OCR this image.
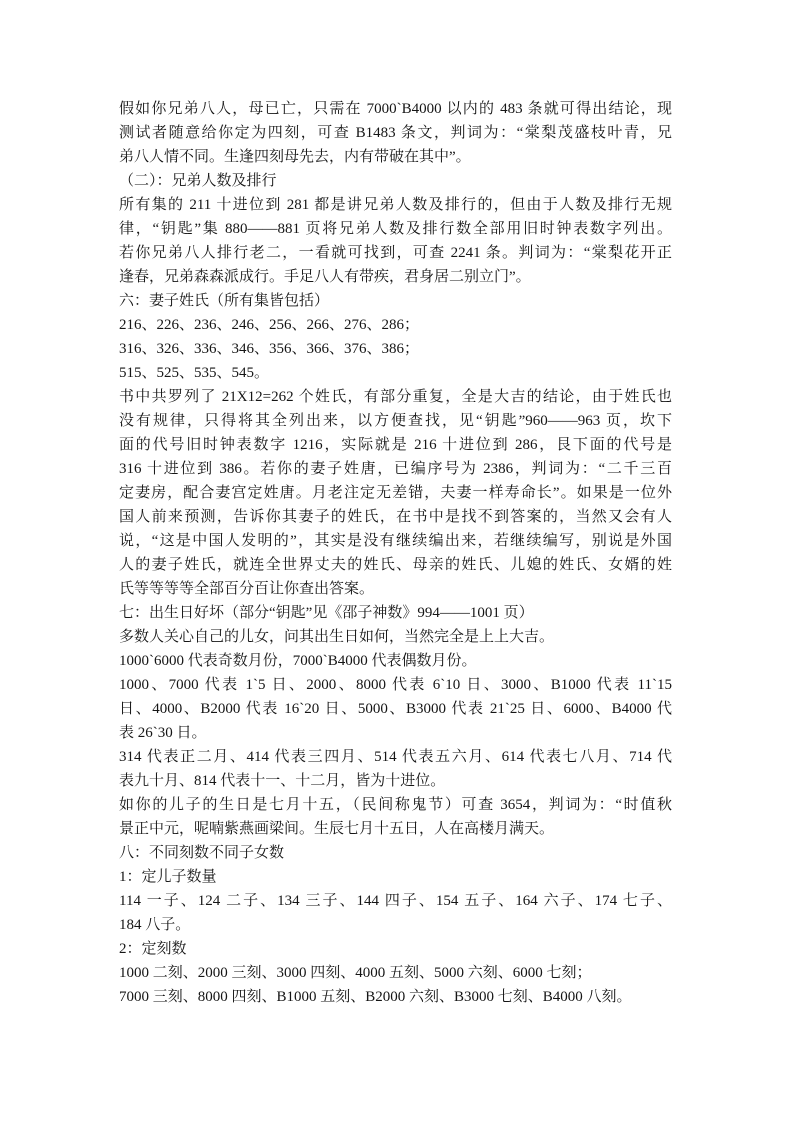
假如你兄弟八人，母已亡，只需在 7000`B4000 以内的 483 条就可得出结论，现
测试者随意给你定为四刻，可查 B1483 条文，判词为：“棠梨茂盛枝叶青，兄
弟八人情不同。生逢四刻母先去，内有带破在其中”。
（二）：兄弟人数及排行
所有集的 211 十进位到 281 都是讲兄弟人数及排行的，但由于人数及排行无规
律，“钥匙”集 880——881 页将兄弟人数及排行数全部用旧时钟表数字列出。
若你兄弟八人排行老二，一看就可找到，可查 2241 条。判词为：“棠梨花开正
逢春，兄弟森森派成行。手足八人有带疾，君身居二别立门”。
六：妻子姓氏（所有集皆包括）
216、226、236、246、256、266、276、286；
316、326、336、346、356、366、376、386；
515、525、535、545。
书中共罗列了 21X12=262 个姓氏，有部分重复，全是大吉的结论，由于姓氏也
没有规律，只得将其全列出来，以方便查找，见“钥匙”960——963 页，坎下
面的代号旧时钟表数字 1216，实际就是 216 十进位到 286，艮下面的代号是
316 十进位到 386。若你的妻子姓唐，已编序号为 2386，判词为：“二千三百
定妻房，配合妻宫定姓唐。月老注定无差错，夫妻一样寿命长”。如果是一位外
国人前来预测，告诉你其妻子的姓氏，在书中是找不到答案的，当然又会有人
说，“这是中国人发明的”，其实是没有继续编出来，若继续编写，别说是外国
人的妻子姓氏，就连全世界丈夫的姓氏、母亲的姓氏、儿媳的姓氏、女婿的姓
氏等等等等全部百分百让你查出答案。
七：出生日好坏（部分“钥匙”见《邵子神数》994——1001 页）
多数人关心自己的儿女，问其出生日如何，当然完全是上上大吉。
1000`6000 代表奇数月份，7000`B4000 代表偶数月份。
1000、7000 代表 1`5 日、2000、8000 代表 6`10 日、3000、B1000 代表 11`15
日、4000、B2000 代表 16`20 日、5000、B3000 代表 21`25 日、6000、B4000 代
表 26`30 日。
314 代表正二月、414 代表三四月、514 代表五六月、614 代表七八月、714 代
表九十月、814 代表十一、十二月，皆为十进位。
如你的儿子的生日是七月十五，（民间称鬼节）可查 3654，判词为：“时值秋
景正中元，呢喃紫燕画梁间。生辰七月十五日，人在高楼月满天。
八：不同刻数不同子女数
1：定儿子数量
114 一子、124 二子、134 三子、144 四子、154 五子、164 六子、174 七子、
184 八子。
2：定刻数
1000 二刻、2000 三刻、3000 四刻、4000 五刻、5000 六刻、6000 七刻；
7000 三刻、8000 四刻、B1000 五刻、B2000 六刻、B3000 七刻、B4000 八刻。
